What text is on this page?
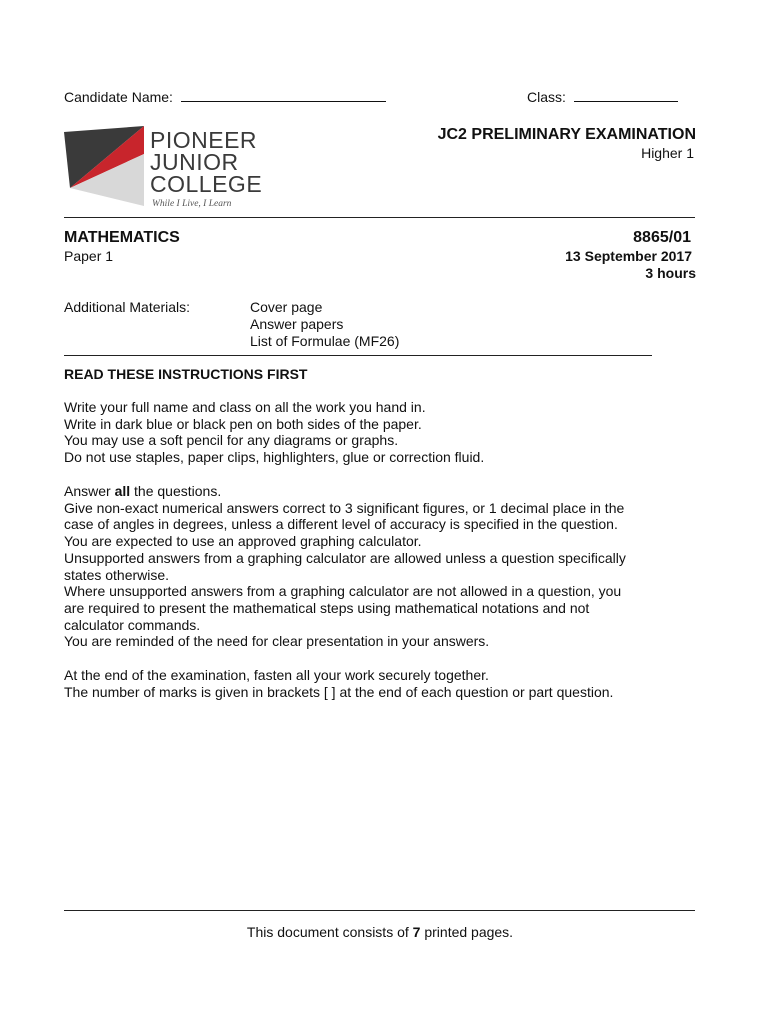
Candidate Name:	Class:
PIONEER
JUNIOR
COLLEGE
While I Live, I Learn
JC2 PRELIMINARY EXAMINATION
Higher 1
MATHEMATICS
Paper 1
8865/01
13 September 2017
3 hours
Additional Materials:	Cover page
Answer papers
List of Formulae (MF26)
READ THESE INSTRUCTIONS FIRST

Write your full name and class on all the work you hand in.

Write in dark blue or black pen on both sides of the paper.

You may use a soft pencil for any diagrams or graphs.

Do not use staples, paper clips, highlighters, glue or correction fluid.

Answer all the questions.

Give non-exact numerical answers correct to 3 significant figures, or 1 decimal place in the

case of angles in degrees, unless a different level of accuracy is specified in the question.

You are expected to use an approved graphing calculator.

Unsupported answers from a graphing calculator are allowed unless a question specifically

states otherwise.

Where unsupported answers from a graphing calculator are not allowed in a question, you

are required to present the mathematical steps using mathematical notations and not

calculator commands.

You are reminded of the need for clear presentation in your answers.

At the end of the examination, fasten all your work securely together.

The number of marks is given in brackets [ ] at the end of each question or part question.

This document consists of 7 printed pages.
